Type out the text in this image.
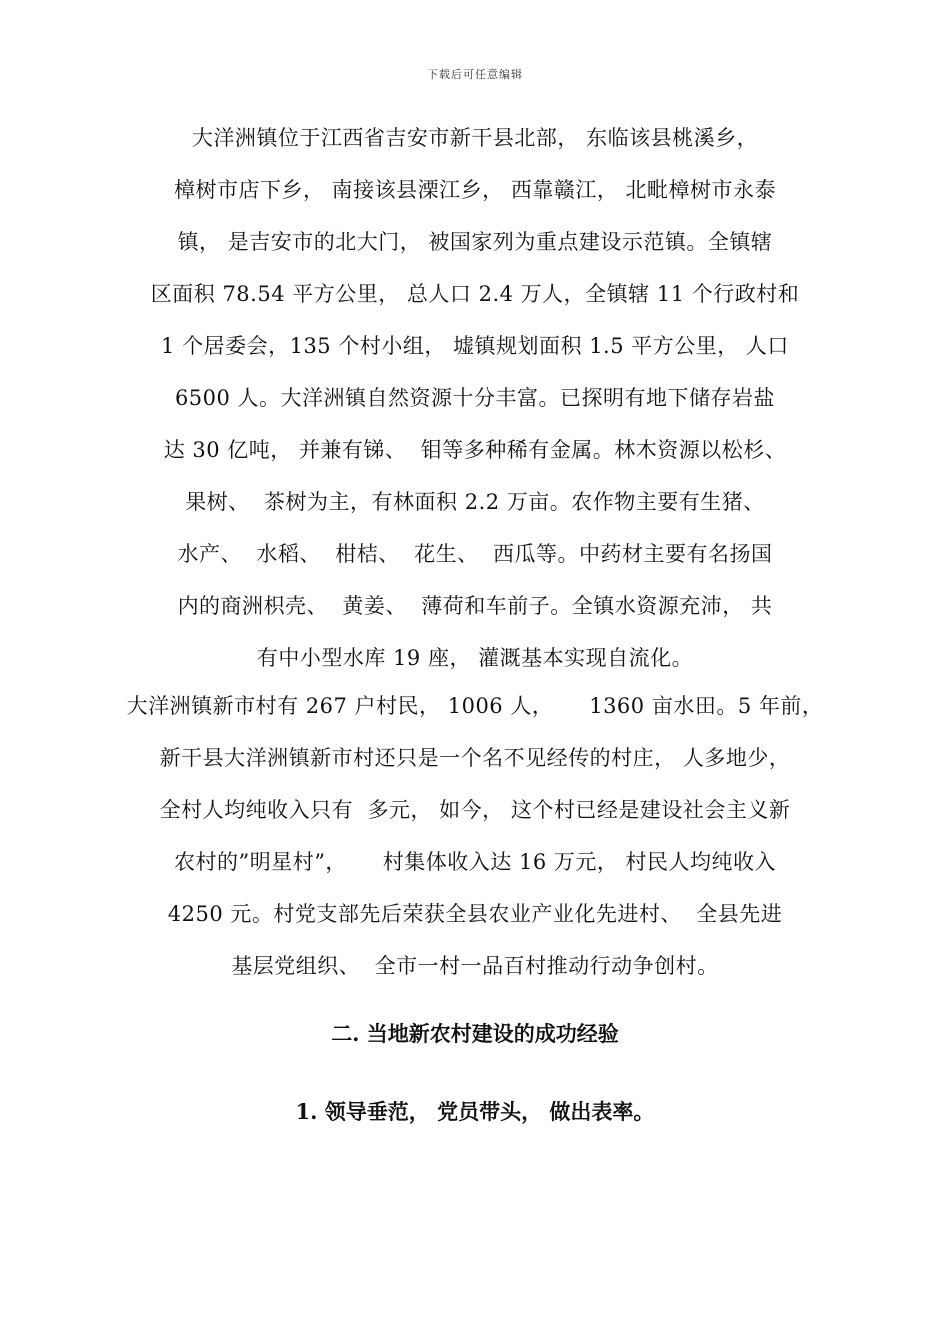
下载后可任意编辑
大洋洲镇位于江西省吉安市新干县北部， 东临该县桃溪乡，
樟树市店下乡， 南接该县溧江乡， 西靠赣江， 北毗樟树市永泰
镇， 是吉安市的北大门， 被国家列为重点建设示范镇。全镇辖
区面积 78.54 平方公里， 总人口 2.4 万人，全镇辖 11 个行政村和
1 个居委会，135 个村小组， 墟镇规划面积 1.5 平方公里， 人口
6500 人。大洋洲镇自然资源十分丰富。已探明有地下储存岩盐
达 30 亿吨， 并兼有锑、  钼等多种稀有金属。林木资源以松杉、
果树、  茶树为主，有林面积 2.2 万亩。农作物主要有生猪、
水产、  水稻、  柑桔、  花生、  西瓜等。中药材主要有名扬国
内的商洲枳壳、  黄姜、  薄荷和车前子。全镇水资源充沛， 共
有中小型水库 19 座， 灌溉基本实现自流化。
大洋洲镇新市村有 267 户村民， 1006 人，     1360 亩水田。5 年前，
新干县大洋洲镇新市村还只是一个名不见经传的村庄， 人多地少，
全村人均纯收入只有  多元， 如今， 这个村已经是建设社会主义新
农村的”明星村”，     村集体收入达 16 万元， 村民人均纯收入
4250 元。村党支部先后荣获全县农业产业化先进村、  全县先进
基层党组织、  全市一村一品百村推动行动争创村。
二. 当地新农村建设的成功经验
1. 领导垂范， 党员带头， 做出表率。
